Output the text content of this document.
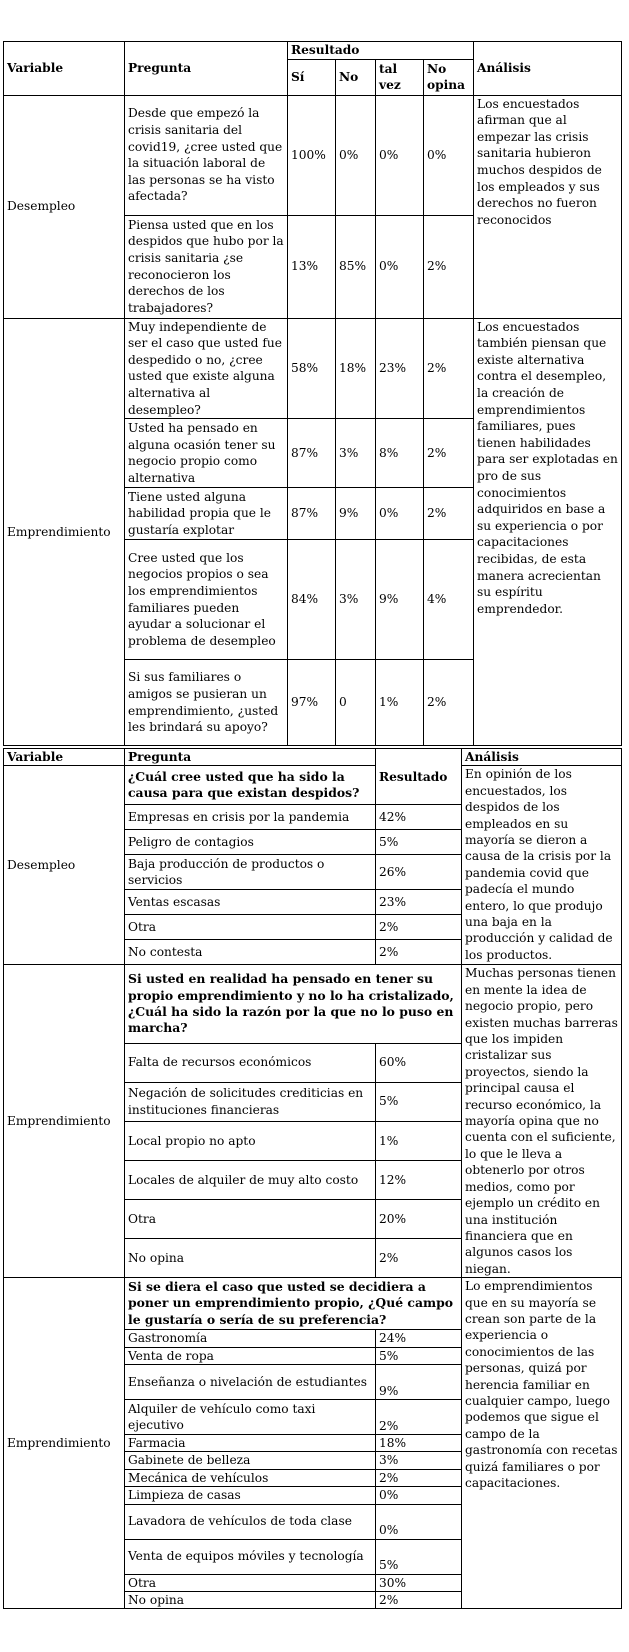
Variable	Pregunta	Resultado				Análisis
		Sí	No	tal vez	No opina	
Desempleo	Desde que empezó la crisis sanitaria del covid19, ¿cree usted que la situación laboral de las personas se ha visto afectada?	100%	0%	0%	0%	Los encuestados afirman que al empezar las crisis sanitaria hubieron muchos despidos de los empleados y sus derechos no fueron reconocidos
	Piensa usted que en los despidos que hubo por la crisis sanitaria ¿se reconocieron los derechos de los trabajadores?	13%	85%	0%	2%	
Emprendimiento	Muy independiente de ser el caso que usted fue despedido o no, ¿cree usted que existe alguna alternativa al desempleo?	58%	18%	23%	2%	Los encuestados también piensan que existe alternativa contra el desempleo, la creación de emprendimientos familiares, pues tienen habilidades para ser explotadas en pro de sus conocimientos adquiridos en base a su experiencia o por capacitaciones recibidas, de esta manera acrecientan su espíritu emprendedor.
	Usted ha pensado en alguna ocasión tener su negocio propio como alternativa	87%	3%	8%	2%	
	Tiene usted alguna habilidad propia que le gustaría explotar	87%	9%	0%	2%	
	Cree usted que los negocios propios o sea los emprendimientos familiares pueden ayudar a solucionar el problema de desempleo	84%	3%	9%	4%	
	Si sus familiares o amigos se pusieran un emprendimiento, ¿usted les brindará su apoyo?	97%	0	1%	2%	
Variable	Pregunta	Resultado	Análisis
Desempleo	¿Cuál cree usted que ha sido la causa para que existan despidos?		En opinión de los encuestados, los despidos de los empleados en su mayoría se dieron a causa de la crisis por la pandemia covid que padecía el mundo entero, lo que produjo una baja en la producción y calidad de los productos.
	Empresas en crisis por la pandemia	42%	
	Peligro de contagios	5%	
	Baja producción de productos o servicios	26%	
	Ventas escasas	23%	
	Otra	2%	
	No contesta	2%	
Emprendimiento	Si usted en realidad ha pensado en tener su propio emprendimiento y no lo ha cristalizado, ¿Cuál ha sido la razón por la que no lo puso en marcha?		Muchas personas tienen en mente la idea de negocio propio, pero existen muchas barreras que los impiden cristalizar sus proyectos, siendo la principal causa el recurso económico, la mayoría opina que no cuenta con el suficiente, lo que le lleva a obtenerlo por otros medios, como por ejemplo un crédito en una institución financiera que en algunos casos los niegan.
	Falta de recursos económicos	60%	
	Negación de solicitudes crediticias en instituciones financieras	5%	
	Local propio no apto	1%	
	Locales de alquiler de muy alto costo	12%	
	Otra	20%	
	No opina	2%	
Emprendimiento	Si se diera el caso que usted se decidiera a poner un emprendimiento propio, ¿Qué campo le gustaría o sería de su preferencia?		Lo emprendimientos que en su mayoría se crean son parte de la experiencia o conocimientos de las personas, quizá por herencia familiar en cualquier campo, luego podemos que sigue el campo de la gastronomía con recetas quizá familiares o por capacitaciones.
	Gastronomía	24%	
	Venta de ropa	5%	
	Enseñanza o nivelación de estudiantes	9%	
	Alquiler de vehículo como taxi ejecutivo	2%	
	Farmacia	18%	
	Gabinete de belleza	3%	
	Mecánica de vehículos	2%	
	Limpieza de casas	0%	
	Lavadora de vehículos de toda clase	0%	
	Venta de equipos móviles y tecnología	5%	
	Otra	30%	
	No opina	2%	
